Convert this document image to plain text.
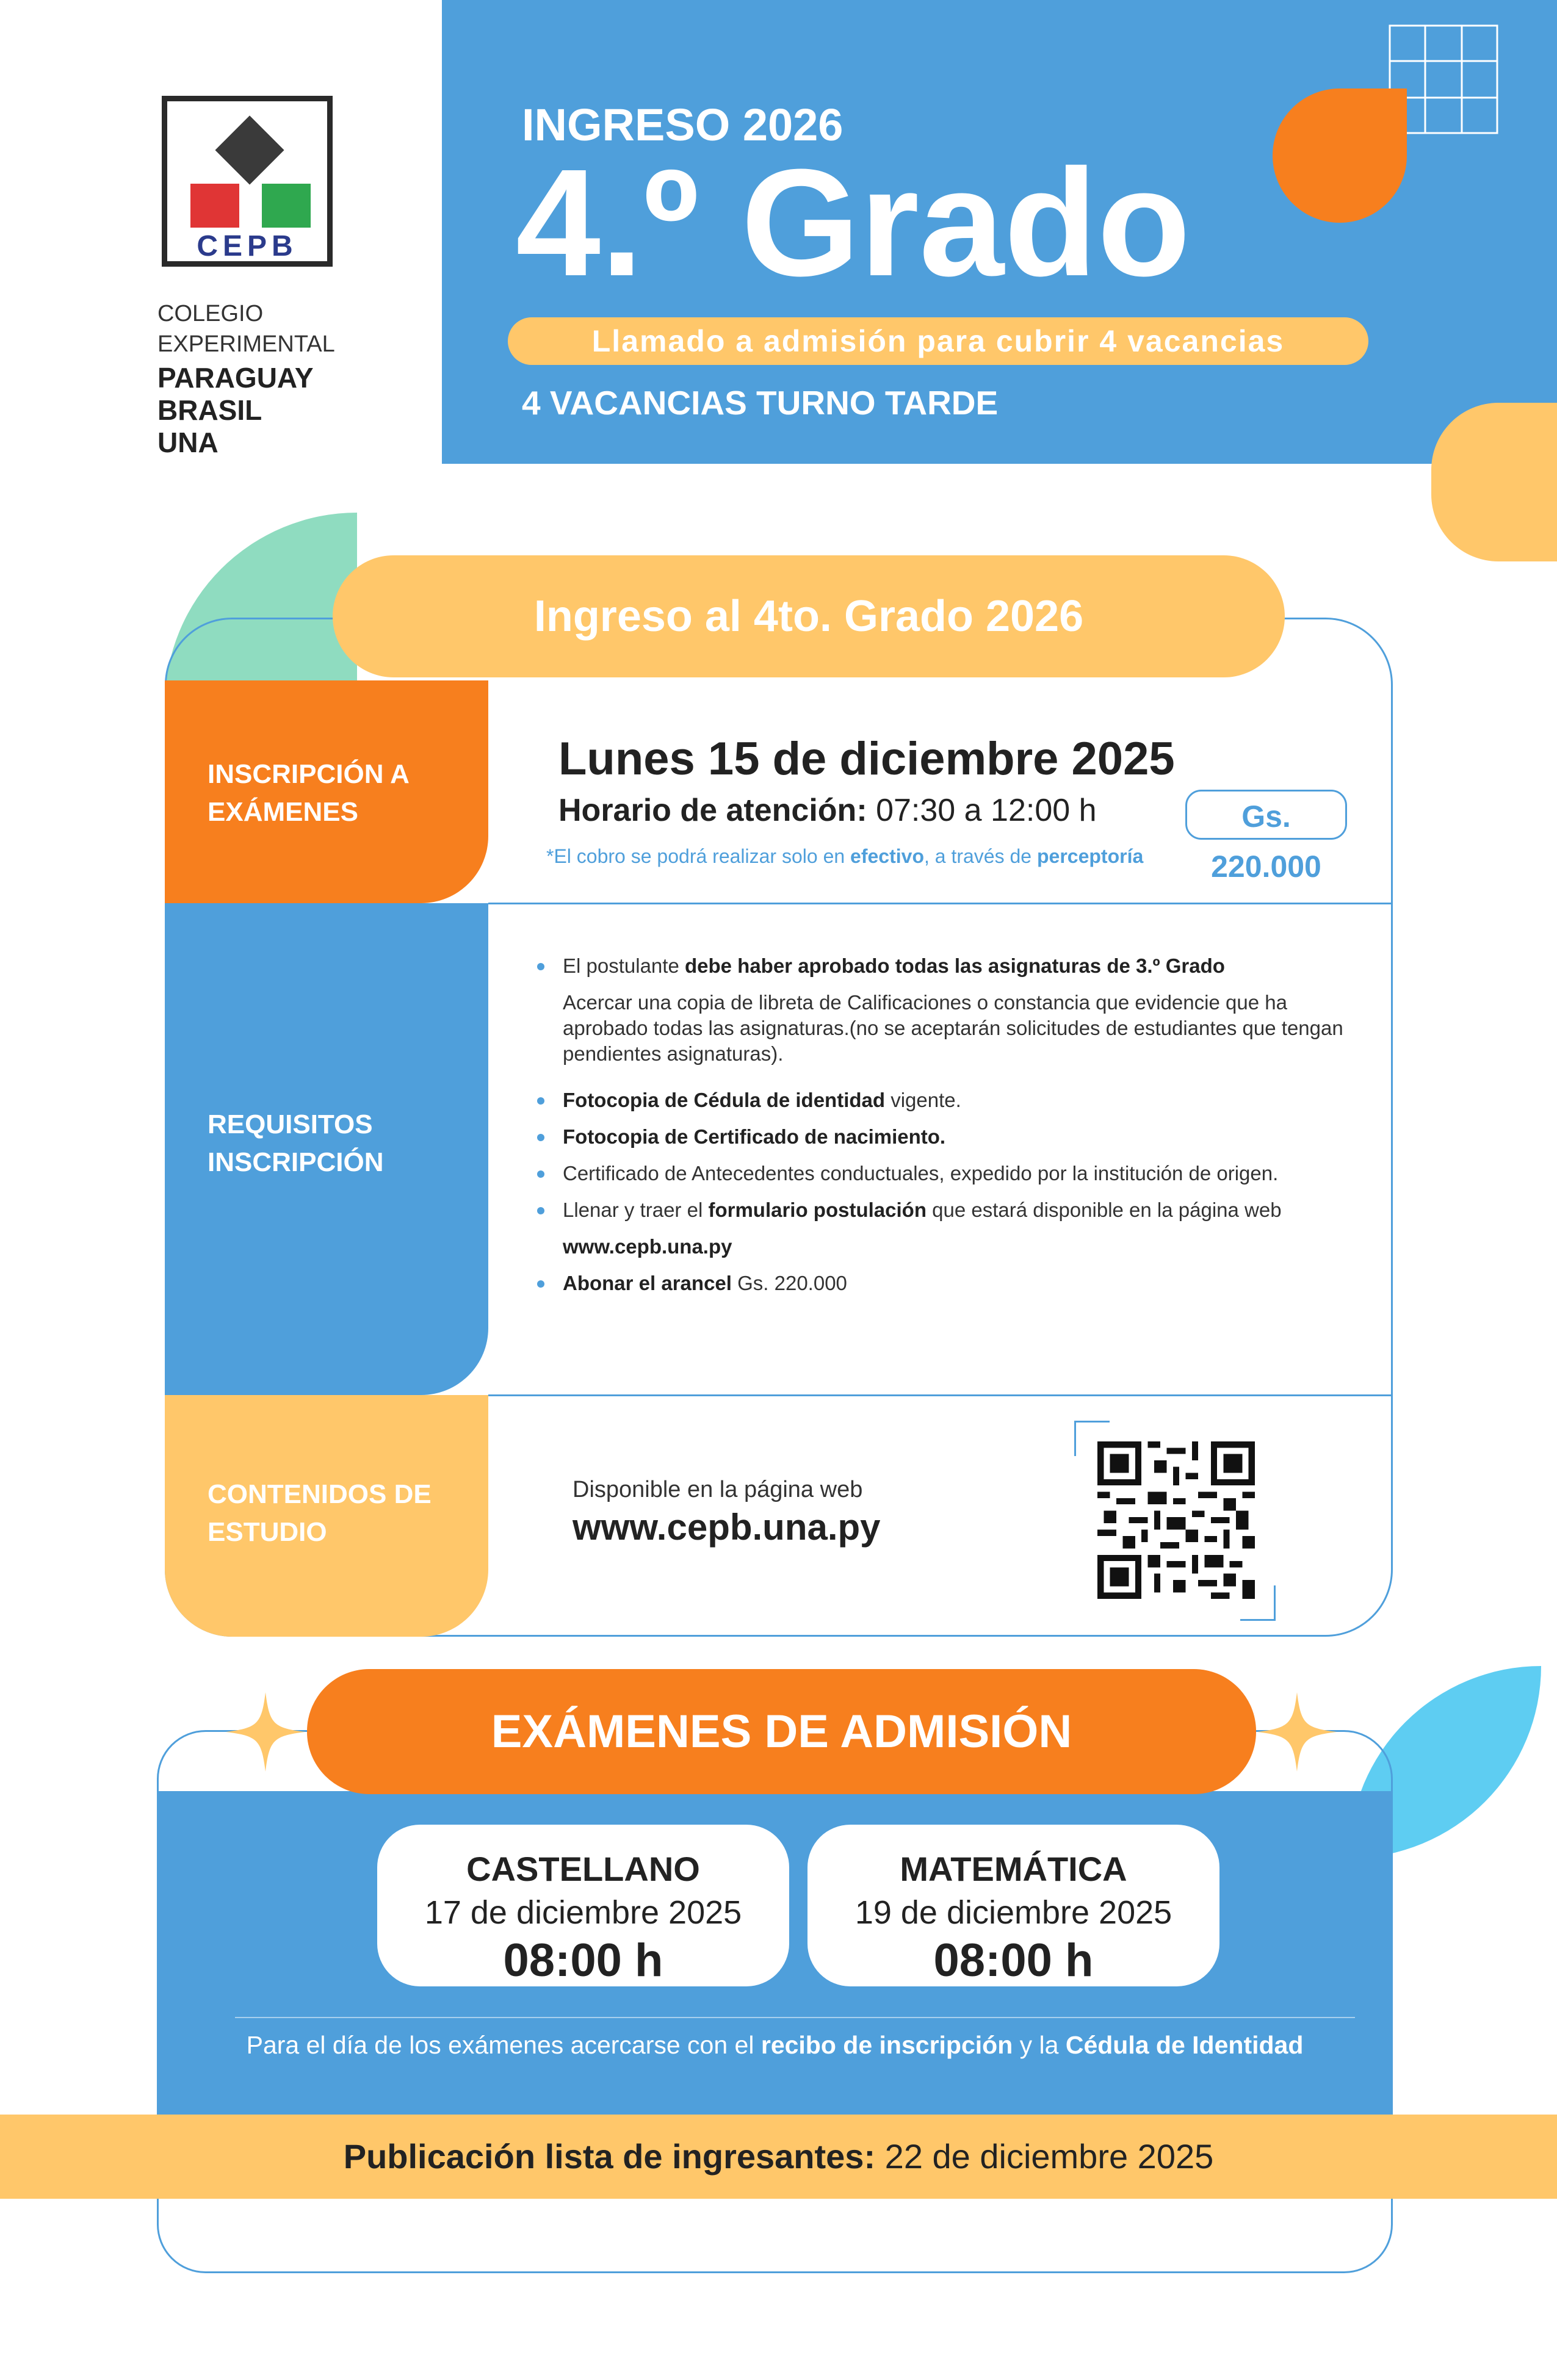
CEPB
COLEGIO
EXPERIMENTAL
PARAGUAY
BRASIL
UNA
INGRESO 2026
4.º Grado
Llamado a admisión para cubrir 4 vacancias
4 VACANCIAS TURNO TARDE
Ingreso al 4to. Grado 2026
INSCRIPCIÓN A EXÁMENES
REQUISITOS INSCRIPCIÓN
CONTENIDOS DE ESTUDIO
Lunes 15 de diciembre 2025
Horario de atención: 07:30 a 12:00 h	Gs. 220.000
*El cobro se podrá realizar solo en efectivo, a través de perceptoría
El postulante debe haber aprobado todas las asignaturas de 3.º Grado
Acercar una copia de libreta de Calificaciones o constancia que evidencie que ha aprobado todas las asignaturas.(no se aceptarán solicitudes de estudiantes que tengan pendientes asignaturas).
Fotocopia de Cédula de identidad vigente.
Fotocopia de Certificado de nacimiento.
Certificado de Antecedentes conductuales, expedido por la institución de origen.
Llenar y traer el formulario postulación que estará disponible en la página web
www.cepb.una.py
Abonar el arancel Gs. 220.000
Disponible en la página web
www.cepb.una.py
EXÁMENES DE ADMISIÓN
CASTELLANO
17 de diciembre 2025
08:00 h
MATEMÁTICA
19 de diciembre 2025
08:00 h
Para el día de los exámenes acercarse con el recibo de inscripción y la Cédula de Identidad
Publicación lista de ingresantes: 22 de diciembre 2025
